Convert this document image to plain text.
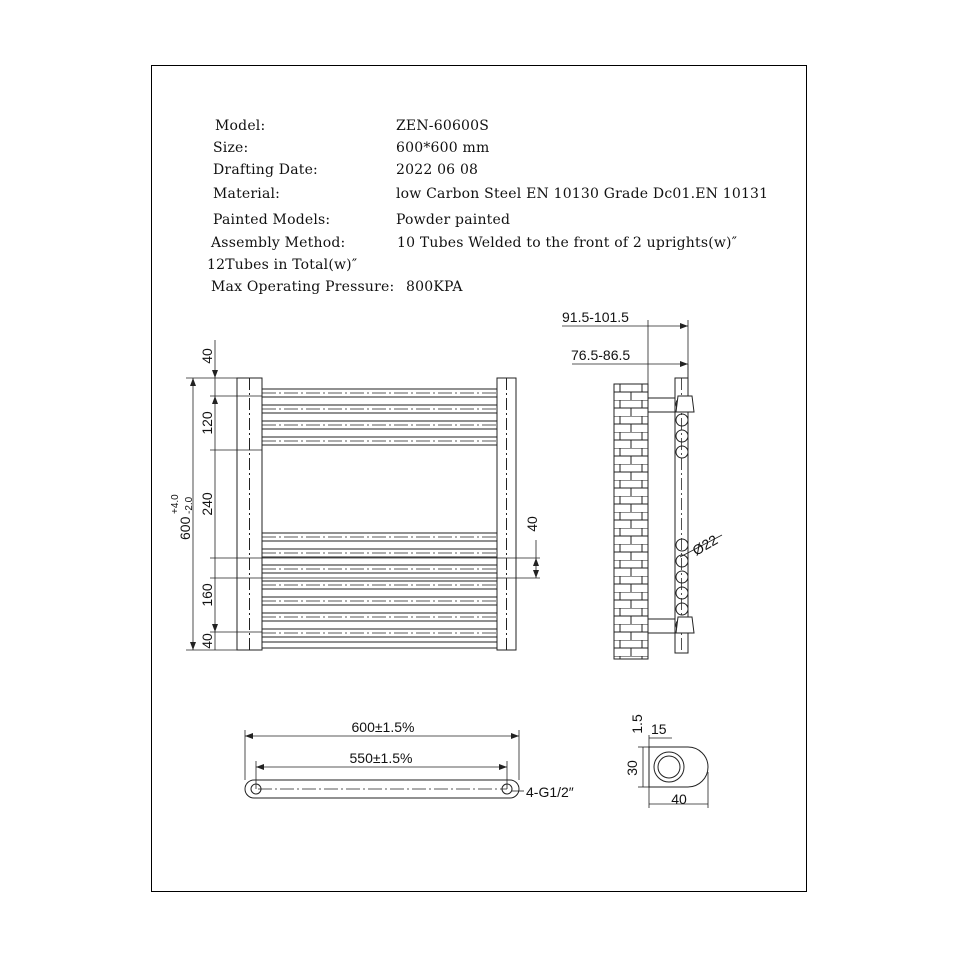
Model:	ZEN-60600S
Size:	600*600 mm
Drafting Date:	2022 06 08
Material:	low Carbon Steel EN 10130 Grade Dc01.EN 10131
Painted Models:	Powder painted
Assembly Method:	10 Tubes Welded to the front of 2 uprights(w)″
12Tubes in Total(w)″
Max Operating Pressure: 800KPA
600
+4.0 -2.0
40
120
240
160
40
40
91.5-101.5
76.5-86.5
Ø22
600±1.5%
550±1.5%
4-G1/2″
1.5 15
30
40
